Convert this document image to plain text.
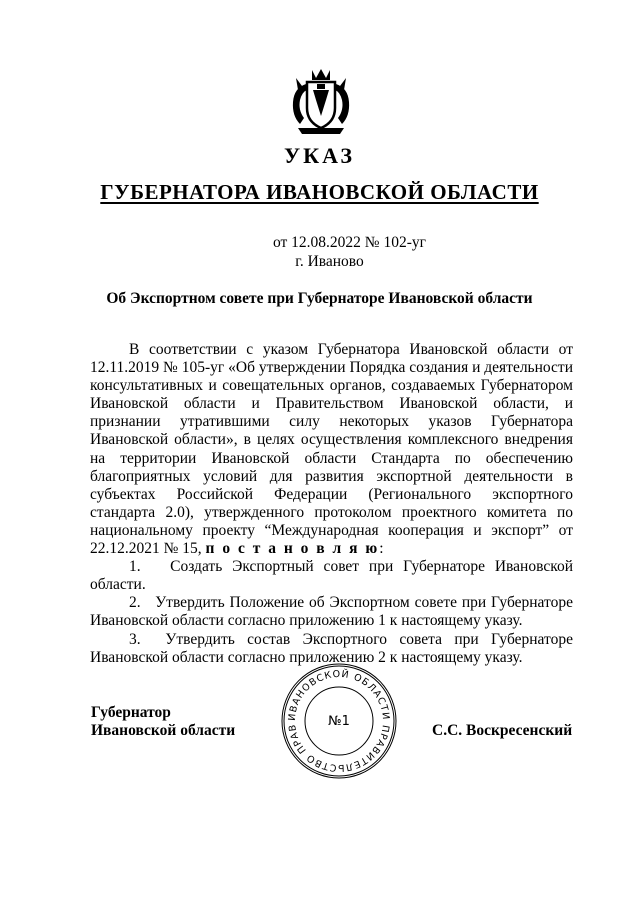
УКАЗ
ГУБЕРНАТОРА ИВАНОВСКОЙ ОБЛАСТИ
от 12.08.2022 № 102-уг
г. Иваново
Об Экспортном совете при Губернаторе Ивановской области

В соответствии с указом Губернатора Ивановской области от 12.11.2019 № 105-уг «Об утверждении Порядка создания и деятельности консультативных и совещательных органов, создаваемых Губернатором Ивановской области и Правительством Ивановской области, и признании утратившими силу некоторых указов Губернатора Ивановской области», в целях осуществления комплексного внедрения на территории Ивановской области Стандарта по обеспечению благоприятных условий для развития экспортной деятельности в субъектах Российской Федерации (Регионального экспортного стандарта 2.0), утвержденного протоколом проектного комитета по национальному проекту “Международная кооперация и экспорт” от 22.12.2021 № 15, п о с т а н о в л я ю:

1.   Создать Экспортный совет при Губернаторе Ивановской области.

2.   Утвердить Положение об Экспортном совете при Губернаторе Ивановской области согласно приложению 1 к настоящему указу.

3.  Утвердить состав Экспортного совета при Губернаторе Ивановской области согласно приложению 2 к настоящему указу.

Губернатор
Ивановской области
ИВАНОВСКОЙ ОБЛАСТИ ПРАВИТЕЛЬСТВО ПРАВ	№1
С.С. Воскресенский
